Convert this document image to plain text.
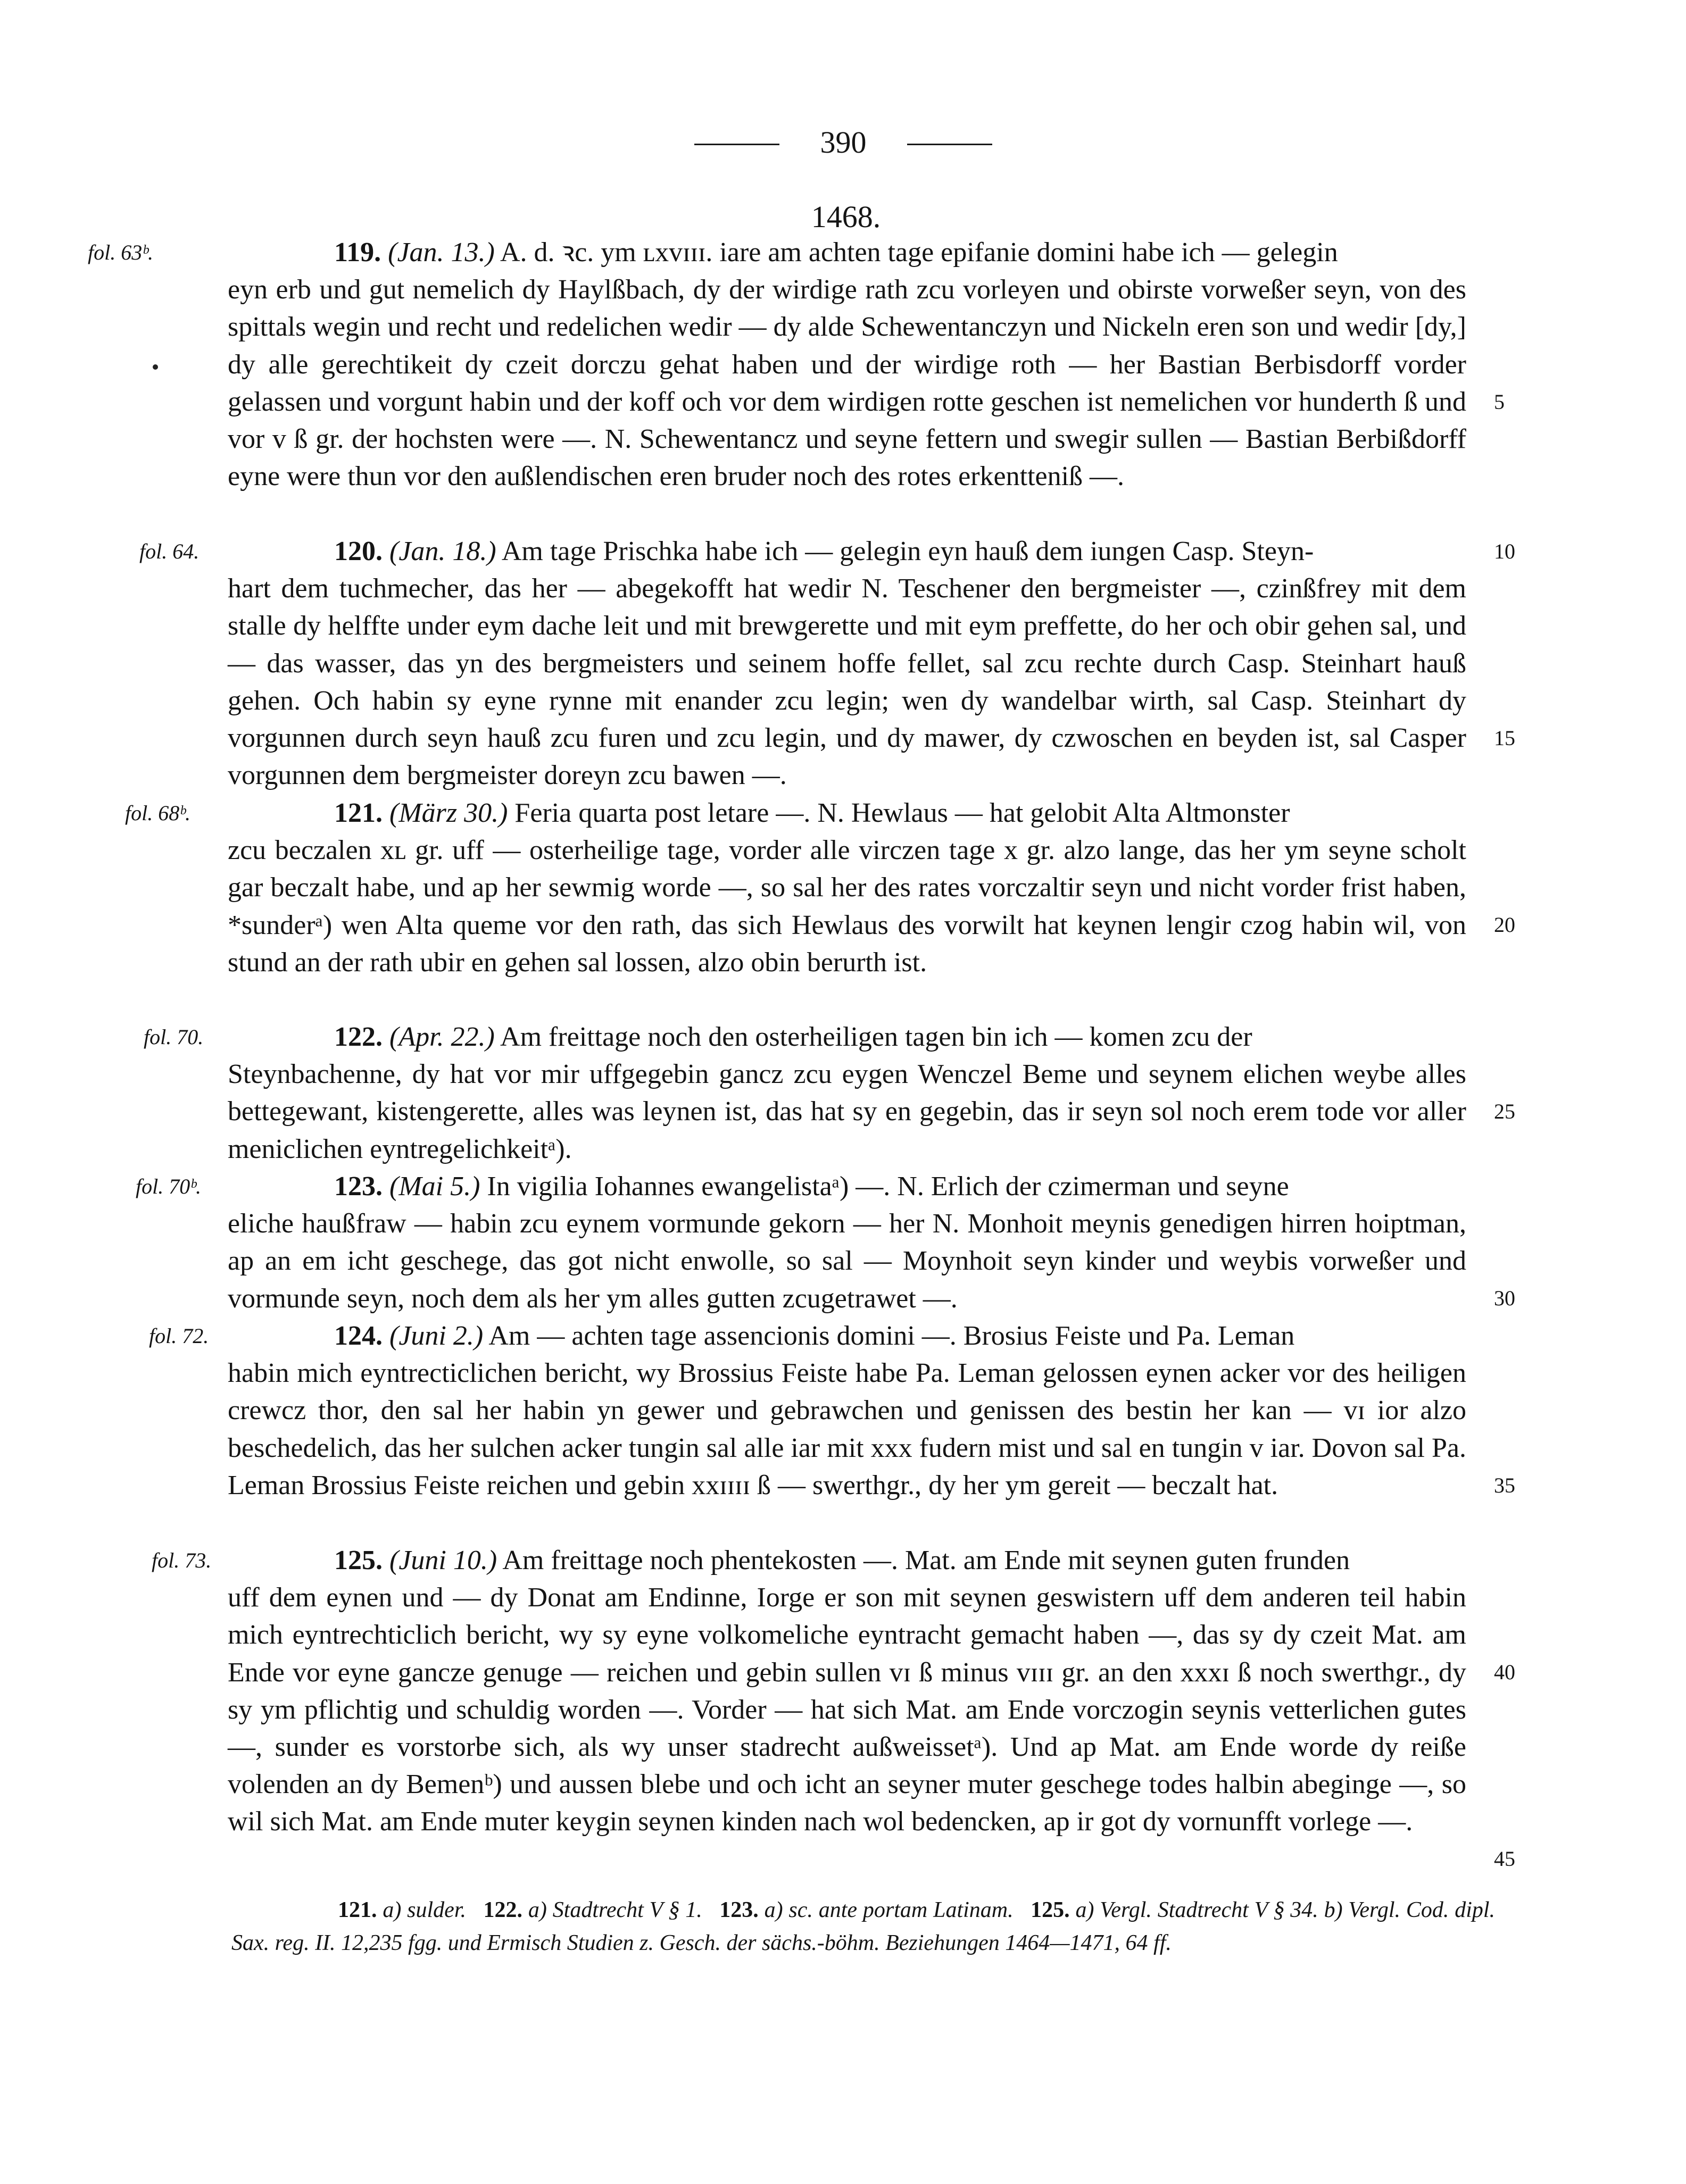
390
1468.
fol. 63ᵇ.	119. (Jan. 13.) A. d. ꝛc. ym ʟxᴠɪɪɪ. iare am achten tage epifanie domini habe ich — gelegin
eyn erb und gut nemelich dy Haylßbach, dy der wirdige rath zcu vorleyen und obirste vorweßer seyn, von des spittals wegin und recht und redelichen wedir — dy alde Schewentanczyn und Nickeln eren son und wedir [dy,] dy alle gerechtikeit dy czeit dorczu gehat haben und der wirdige roth — her Bastian Berbisdorff vorder gelassen und vorgunt habin und der koff och vor dem wirdigen rotte geschen ist nemelichen vor hunderth ß und vor v ß gr. der hochsten were —. N. Schewentancz und seyne fettern und swegir sullen — Bastian Berbißdorff eyne were thun vor den außlendischen eren bruder noch des rotes erkentteniß —.
fol. 64.	120. (Jan. 18.) Am tage Prischka habe ich — gelegin eyn hauß dem iungen Casp. Steyn-
hart dem tuchmecher, das her — abegekofft hat wedir N. Teschener den bergmeister —, czinßfrey mit dem stalle dy helffte under eym dache leit und mit brewgerette und mit eym preffette, do her och obir gehen sal, und — das wasser, das yn des bergmeisters und seinem hoffe fellet, sal zcu rechte durch Casp. Steinhart hauß gehen. Och habin sy eyne rynne mit enander zcu legin; wen dy wandelbar wirth, sal Casp. Steinhart dy vorgunnen durch seyn hauß zcu furen und zcu legin, und dy mawer, dy czwoschen en beyden ist, sal Casper vorgunnen dem bergmeister doreyn zcu bawen —.
fol. 68ᵇ.	121. (März 30.) Feria quarta post letare —. N. Hewlaus — hat gelobit Alta Altmonster
zcu beczalen xʟ gr. uff — osterheilige tage, vorder alle virczen tage x gr. alzo lange, das her ym seyne scholt gar beczalt habe, und ap her sewmig worde —, so sal her des rates vorczaltir seyn und nicht vorder frist haben, *sunderᵃ) wen Alta queme vor den rath, das sich Hewlaus des vorwilt hat keynen lengir czog habin wil, von stund an der rath ubir en gehen sal lossen, alzo obin berurth ist.
fol. 70.	122. (Apr. 22.) Am freittage noch den osterheiligen tagen bin ich — komen zcu der
Steynbachenne, dy hat vor mir uffgegebin gancz zcu eygen Wenczel Beme und seynem elichen weybe alles bettegewant, kistengerette, alles was leynen ist, das hat sy en gegebin, das ir seyn sol noch erem tode vor aller meniclichen eyntregelichkeitᵃ).
fol. 70ᵇ.	123. (Mai 5.) In vigilia Iohannes ewangelistaᵃ) —. N. Erlich der czimerman und seyne
eliche haußfraw — habin zcu eynem vormunde gekorn — her N. Monhoit meynis genedigen hirren hoiptman, ap an em icht geschege, das got nicht enwolle, so sal — Moynhoit seyn kinder und weybis vorweßer und vormunde seyn, noch dem als her ym alles gutten zcugetrawet —.
fol. 72.	124. (Juni 2.) Am — achten tage assencionis domini —. Brosius Feiste und Pa. Leman
habin mich eyntrecticlichen bericht, wy Brossius Feiste habe Pa. Leman gelossen eynen acker vor des heiligen crewcz thor, den sal her habin yn gewer und gebrawchen und genissen des bestin her kan — ᴠɪ ior alzo beschedelich, das her sulchen acker tungin sal alle iar mit xxx fudern mist und sal en tungin v iar. Dovon sal Pa. Leman Brossius Feiste reichen und gebin xxɪɪɪɪ ß — swerthgr., dy her ym gereit — beczalt hat.
fol. 73.	125. (Juni 10.) Am freittage noch phentekosten —. Mat. am Ende mit seynen guten frunden
uff dem eynen und — dy Donat am Endinne, Iorge er son mit seynen geswistern uff dem anderen teil habin mich eyntrechticlich bericht, wy sy eyne volkomeliche eyntracht gemacht haben —, das sy dy czeit Mat. am Ende vor eyne gancze genuge — reichen und gebin sullen ᴠɪ ß minus ᴠɪɪɪ gr. an den xxxɪ ß noch swerthgr., dy sy ym pflichtig und schuldig worden —. Vorder — hat sich Mat. am Ende vorczogin seynis vetterlichen gutes —, sunder es vorstorbe sich, als wy unser stadrecht außweissetᵃ). Und ap Mat. am Ende worde dy reiße volenden an dy Bemenᵇ) und aussen blebe und och icht an seyner muter geschege todes halbin abeginge —, so wil sich Mat. am Ende muter keygin seynen kinden nach wol bedencken, ap ir got dy vornunfft vorlege —.
5
10
15
20
25
30
35
40
45
121. a) sulder. 122. a) Stadtrecht V § 1. 123. a) sc. ante portam Latinam. 125. a) Vergl. Stadtrecht V § 34. b) Vergl. Cod. dipl. Sax. reg. II. 12,235 fgg. und Ermisch Studien z. Gesch. der sächs.-böhm. Beziehungen 1464—1471, 64 ff.
